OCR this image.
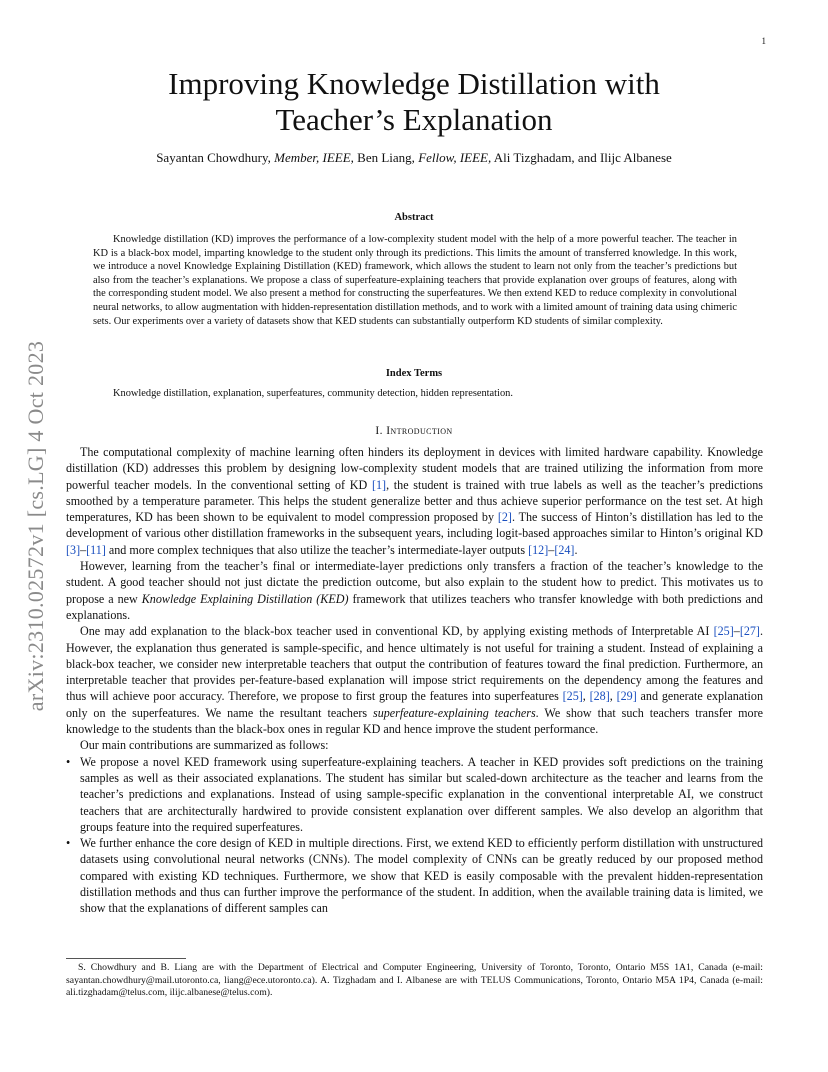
1
arXiv:2310.02572v1 [cs.LG] 4 Oct 2023
Improving Knowledge Distillation with
Teacher’s Explanation
Sayantan Chowdhury, Member, IEEE, Ben Liang, Fellow, IEEE, Ali Tizghadam, and Ilijc Albanese
Abstract
Knowledge distillation (KD) improves the performance of a low-complexity student model with the help of a more powerful teacher. The teacher in KD is a black-box model, imparting knowledge to the student only through its predictions. This limits the amount of transferred knowledge. In this work, we introduce a novel Knowledge Explaining Distillation (KED) framework, which allows the student to learn not only from the teacher’s predictions but also from the teacher’s explanations. We propose a class of superfeature-explaining teachers that provide explanation over groups of features, along with the corresponding student model. We also present a method for constructing the superfeatures. We then extend KED to reduce complexity in convolutional neural networks, to allow augmentation with hidden-representation distillation methods, and to work with a limited amount of training data using chimeric sets. Our experiments over a variety of datasets show that KED students can substantially outperform KD students of similar complexity.
Index Terms
Knowledge distillation, explanation, superfeatures, community detection, hidden representation.
I. Introduction

The computational complexity of machine learning often hinders its deployment in devices with limited hardware capability. Knowledge distillation (KD) addresses this problem by designing low-complexity student models that are trained utilizing the information from more powerful teacher models. In the conventional setting of KD [1], the student is trained with true labels as well as the teacher’s predictions smoothed by a temperature parameter. This helps the student generalize better and thus achieve superior performance on the test set. At high temperatures, KD has been shown to be equivalent to model compression proposed by [2]. The success of Hinton’s distillation has led to the development of various other distillation frameworks in the subsequent years, including logit-based approaches similar to Hinton’s original KD [3]–[11] and more complex techniques that also utilize the teacher’s intermediate-layer outputs [12]–[24].

However, learning from the teacher’s final or intermediate-layer predictions only transfers a fraction of the teacher’s knowledge to the student. A good teacher should not just dictate the prediction outcome, but also explain to the student how to predict. This motivates us to propose a new Knowledge Explaining Distillation (KED) framework that utilizes teachers who transfer knowledge with both predictions and explanations.

One may add explanation to the black-box teacher used in conventional KD, by applying existing methods of Interpretable AI [25]–[27]. However, the explanation thus generated is sample-specific, and hence ultimately is not useful for training a student. Instead of explaining a black-box teacher, we consider new interpretable teachers that output the contribution of features toward the final prediction. Furthermore, an interpretable teacher that provides per-feature-based explanation will impose strict requirements on the dependency among the features and thus will achieve poor accuracy. Therefore, we propose to first group the features into superfeatures [25], [28], [29] and generate explanation only on the superfeatures. We name the resultant teachers superfeature-explaining teachers. We show that such teachers transfer more knowledge to the students than the black-box ones in regular KD and hence improve the student performance.

Our main contributions are summarized as follows:

• We propose a novel KED framework using superfeature-explaining teachers. A teacher in KED provides soft predictions on the training samples as well as their associated explanations. The student has similar but scaled-down architecture as the teacher and learns from the teacher’s predictions and explanations. Instead of using sample-specific explanation in the conventional interpretable AI, we construct teachers that are architecturally hardwired to provide consistent explanation over different samples. We also develop an algorithm that groups feature into the required superfeatures.
• We further enhance the core design of KED in multiple directions. First, we extend KED to efficiently perform distillation with unstructured datasets using convolutional neural networks (CNNs). The model complexity of CNNs can be greatly reduced by our proposed method compared with existing KD techniques. Furthermore, we show that KED is easily composable with the prevalent hidden-representation distillation methods and thus can further improve the performance of the student. In addition, when the available training data is limited, we show that the explanations of different samples can
S. Chowdhury and B. Liang are with the Department of Electrical and Computer Engineering, University of Toronto, Toronto, Ontario M5S 1A1, Canada (e-mail: sayantan.chowdhury@mail.utoronto.ca, liang@ece.utoronto.ca). A. Tizghadam and I. Albanese are with TELUS Communications, Toronto, Ontario M5A 1P4, Canada (e-mail: ali.tizghadam@telus.com, ilijc.albanese@telus.com).
